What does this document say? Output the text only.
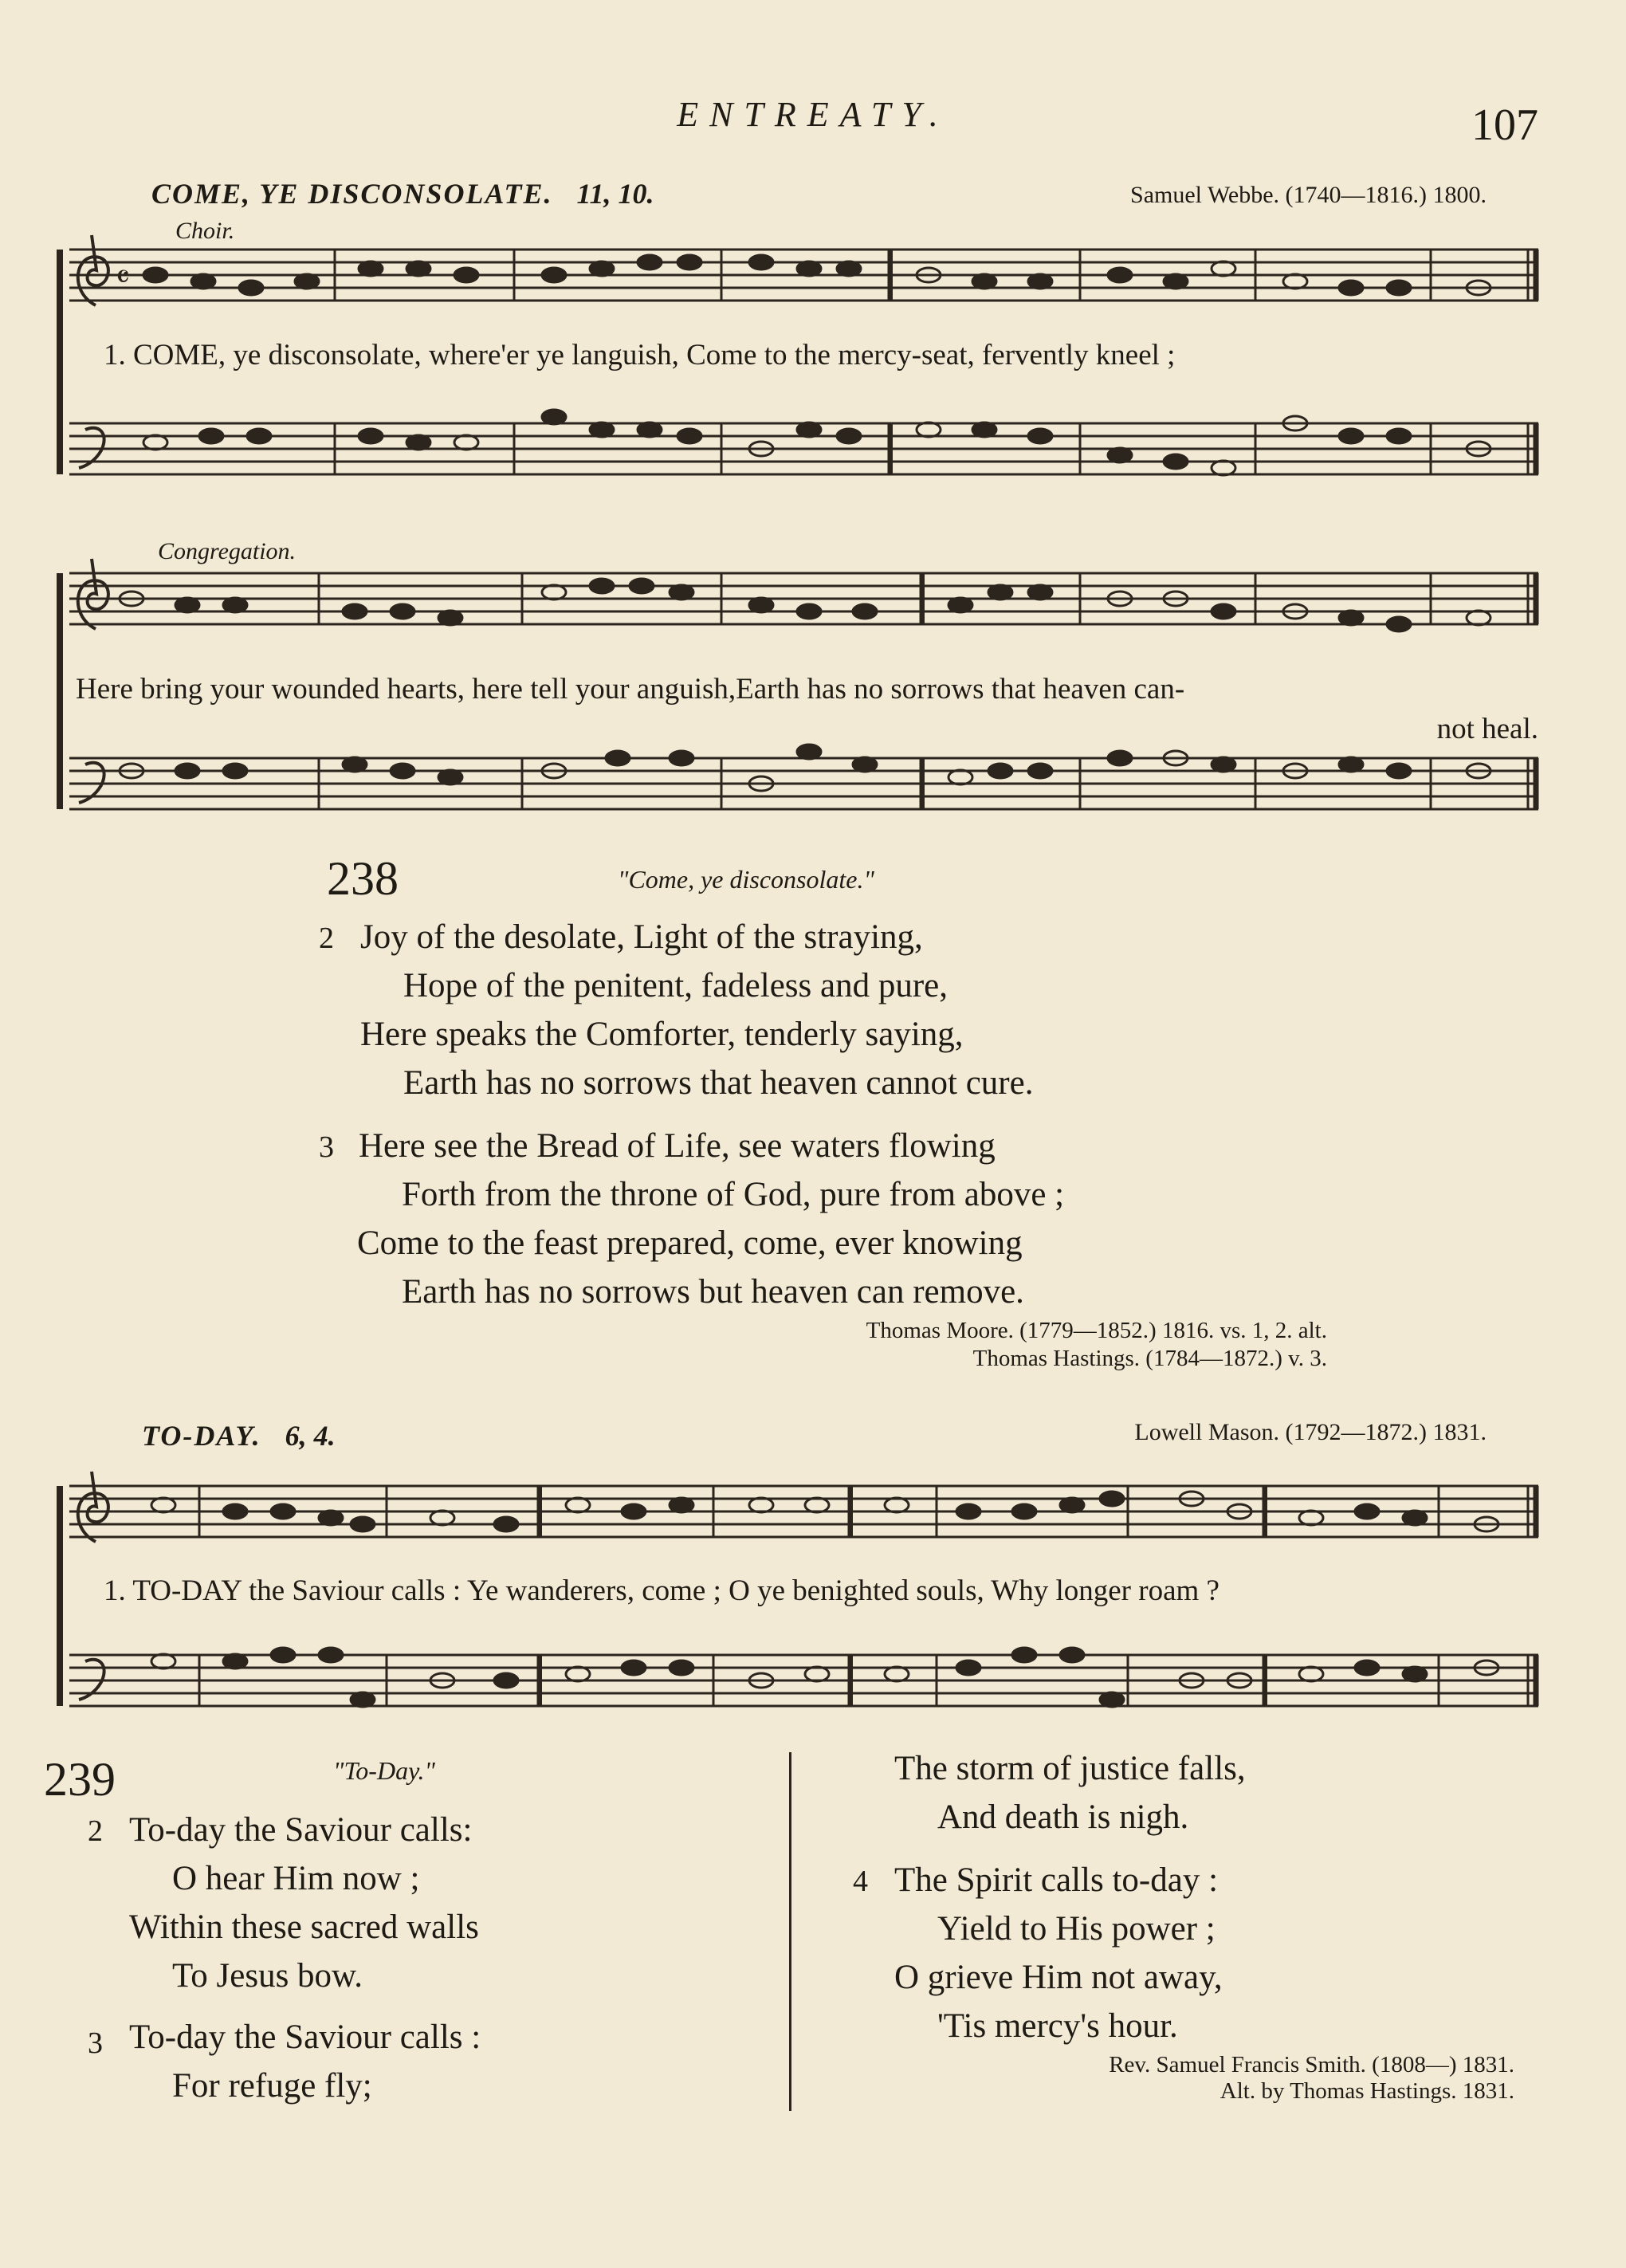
ENTREATY.	107
COME, YE DISCONSOLATE. 11, 10.	Samuel Webbe. (1740—1816.) 1800.
Choir.
𝄴
1. COME, ye disconsolate, where'er ye languish, Come to the mercy-seat, fervently kneel ;
Congregation.
Here bring your wounded hearts, here tell your anguish,Earth has no sorrows that heaven can-
not heal.
238	"Come, ye disconsolate."
2 Joy of the desolate, Light of the straying,
Hope of the penitent, fadeless and pure,
Here speaks the Comforter, tenderly saying,
Earth has no sorrows that heaven cannot cure.
3 Here see the Bread of Life, see waters flowing
Forth from the throne of God, pure from above ;
Come to the feast prepared, come, ever knowing
Earth has no sorrows but heaven can remove.
Thomas Moore. (1779—1852.) 1816. vs. 1, 2. alt.
Thomas Hastings. (1784—1872.) v. 3.
TO-DAY. 6, 4.	Lowell Mason. (1792—1872.) 1831.
1. TO-DAY the Saviour calls : Ye wanderers, come ; O ye benighted souls, Why longer roam ?
239	"To-Day."
2 To-day the Saviour calls:
O hear Him now ;
Within these sacred walls
To Jesus bow.
3 To-day the Saviour calls :
For refuge fly;
The storm of justice falls,
And death is nigh.
4 The Spirit calls to-day :
Yield to His power ;
O grieve Him not away,
'Tis mercy's hour.
Rev. Samuel Francis Smith. (1808—) 1831.
Alt. by Thomas Hastings. 1831.
